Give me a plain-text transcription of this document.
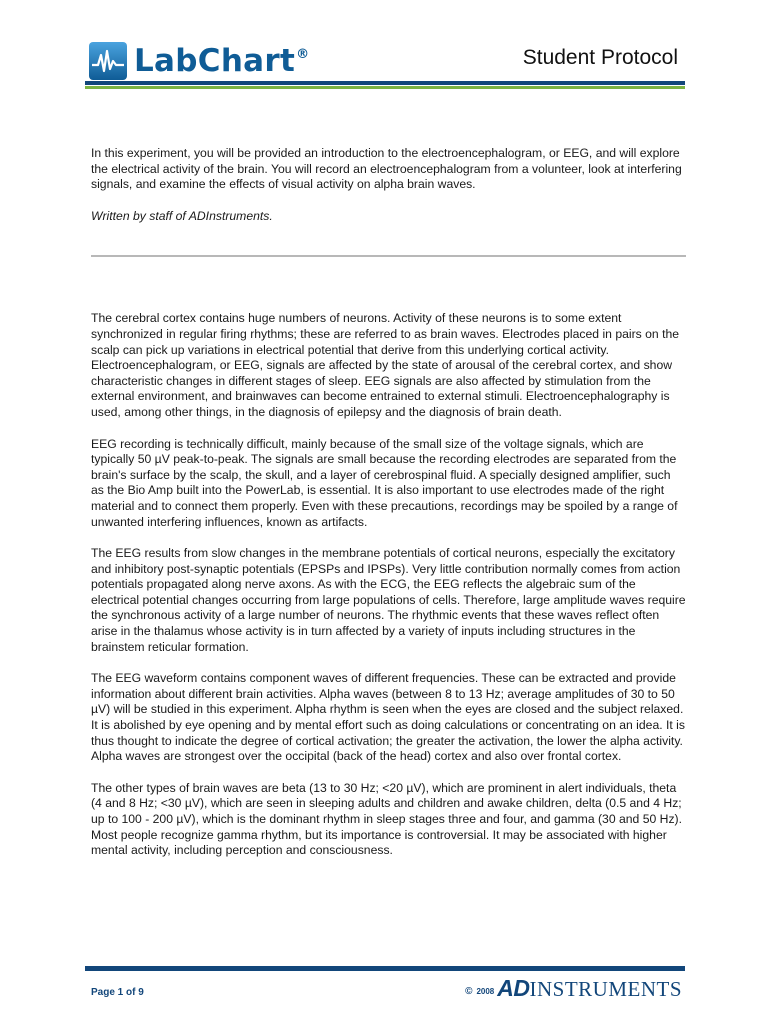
LabChart®	Student Protocol

In this experiment, you will be provided an introduction to the electroencephalogram, or EEG, and will explore the electrical activity of the brain. You will record an electroencephalogram from a volunteer, look at interfering signals, and examine the effects of visual activity on alpha brain waves.

Written by staff of ADInstruments.

The cerebral cortex contains huge numbers of neurons. Activity of these neurons is to some extent synchronized in regular firing rhythms; these are referred to as brain waves. Electrodes placed in pairs on the scalp can pick up variations in electrical potential that derive from this underlying cortical activity. Electroencephalogram, or EEG, signals are affected by the state of arousal of the cerebral cortex, and show characteristic changes in different stages of sleep. EEG signals are also affected by stimulation from the external environment, and brainwaves can become entrained to external stimuli. Electroencephalography is used, among other things, in the diagnosis of epilepsy and the diagnosis of brain death.

EEG recording is technically difficult, mainly because of the small size of the voltage signals, which are typically 50 µV peak-to-peak. The signals are small because the recording electrodes are separated from the brain's surface by the scalp, the skull, and a layer of cerebrospinal fluid. A specially designed amplifier, such as the Bio Amp built into the PowerLab, is essential. It is also important to use electrodes made of the right material and to connect them properly. Even with these precautions, recordings may be spoiled by a range of unwanted interfering influences, known as artifacts.

The EEG results from slow changes in the membrane potentials of cortical neurons, especially the excitatory and inhibitory post-synaptic potentials (EPSPs and IPSPs). Very little contribution normally comes from action potentials propagated along nerve axons. As with the ECG, the EEG reflects the algebraic sum of the electrical potential changes occurring from large populations of cells. Therefore, large amplitude waves require the synchronous activity of a large number of neurons. The rhythmic events that these waves reflect often arise in the thalamus whose activity is in turn affected by a variety of inputs including structures in the brainstem reticular formation.

The EEG waveform contains component waves of different frequencies. These can be extracted and provide information about different brain activities. Alpha waves (between 8 to 13 Hz; average amplitudes of 30 to 50 µV) will be studied in this experiment. Alpha rhythm is seen when the eyes are closed and the subject relaxed. It is abolished by eye opening and by mental effort such as doing calculations or concentrating on an idea. It is thus thought to indicate the degree of cortical activation; the greater the activation, the lower the alpha activity. Alpha waves are strongest over the occipital (back of the head) cortex and also over frontal cortex.

The other types of brain waves are beta (13 to 30 Hz; <20 µV), which are prominent in alert individuals, theta (4 and 8 Hz; <30 µV), which are seen in sleeping adults and children and awake children, delta (0.5 and 4 Hz; up to 100 - 200 µV), which is the dominant rhythm in sleep stages three and four, and gamma (30 and 50 Hz). Most people recognize gamma rhythm, but its importance is controversial. It may be associated with higher mental activity, including perception and consciousness.

Page 1 of 9	© 2008 AD INSTRUMENTS
